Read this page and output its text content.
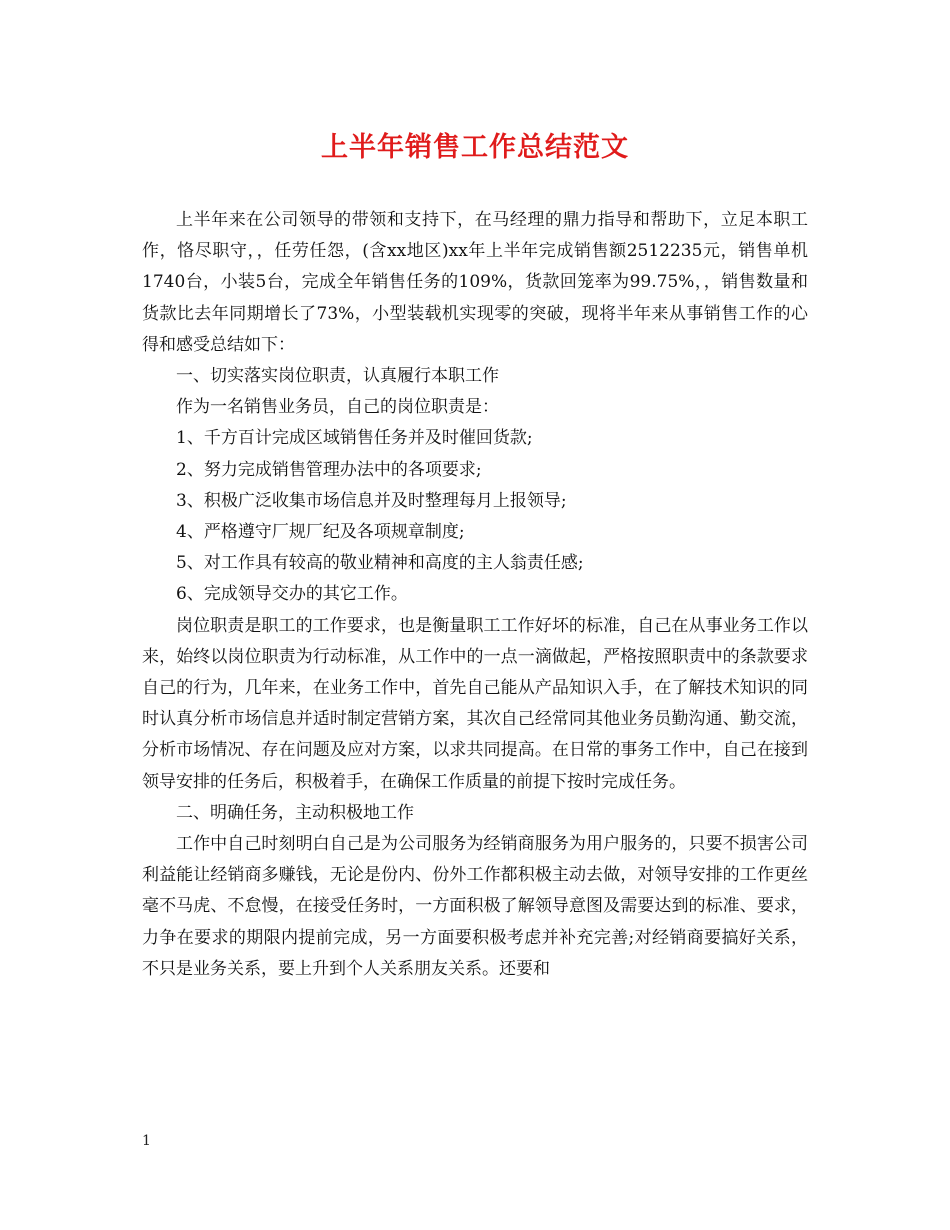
上半年销售工作总结范文

上半年来在公司领导的带领和支持下，在马经理的鼎力指导和帮助下，立足本职工作，恪尽职守，，任劳任怨，(含xx地区)xx年上半年完成销售额2512235元，销售单机1740台，小装5台，完成全年销售任务的109%，货款回笼率为99.75%，，销售数量和货款比去年同期增长了73%，小型装载机实现零的突破，现将半年来从事销售工作的心得和感受总结如下：

一、切实落实岗位职责，认真履行本职工作

作为一名销售业务员，自己的岗位职责是：

1、千方百计完成区域销售任务并及时催回货款;

2、努力完成销售管理办法中的各项要求;

3、积极广泛收集市场信息并及时整理每月上报领导;

4、严格遵守厂规厂纪及各项规章制度;

5、对工作具有较高的敬业精神和高度的主人翁责任感;

6、完成领导交办的其它工作。

岗位职责是职工的工作要求，也是衡量职工工作好坏的标准，自己在从事业务工作以来，始终以岗位职责为行动标准，从工作中的一点一滴做起，严格按照职责中的条款要求自己的行为，几年来，在业务工作中，首先自己能从产品知识入手，在了解技术知识的同时认真分析市场信息并适时制定营销方案，其次自己经常同其他业务员勤沟通、勤交流，分析市场情况、存在问题及应对方案，以求共同提高。在日常的事务工作中，自己在接到领导安排的任务后，积极着手，在确保工作质量的前提下按时完成任务。

二、明确任务，主动积极地工作

工作中自己时刻明白自己是为公司服务为经销商服务为用户服务的，只要不损害公司利益能让经销商多赚钱，无论是份内、份外工作都积极主动去做，对领导安排的工作更丝毫不马虎、不怠慢，在接受任务时，一方面积极了解领导意图及需要达到的标准、要求，力争在要求的期限内提前完成，另一方面要积极考虑并补充完善;对经销商要搞好关系，不只是业务关系，要上升到个人关系朋友关系。还要和

1
